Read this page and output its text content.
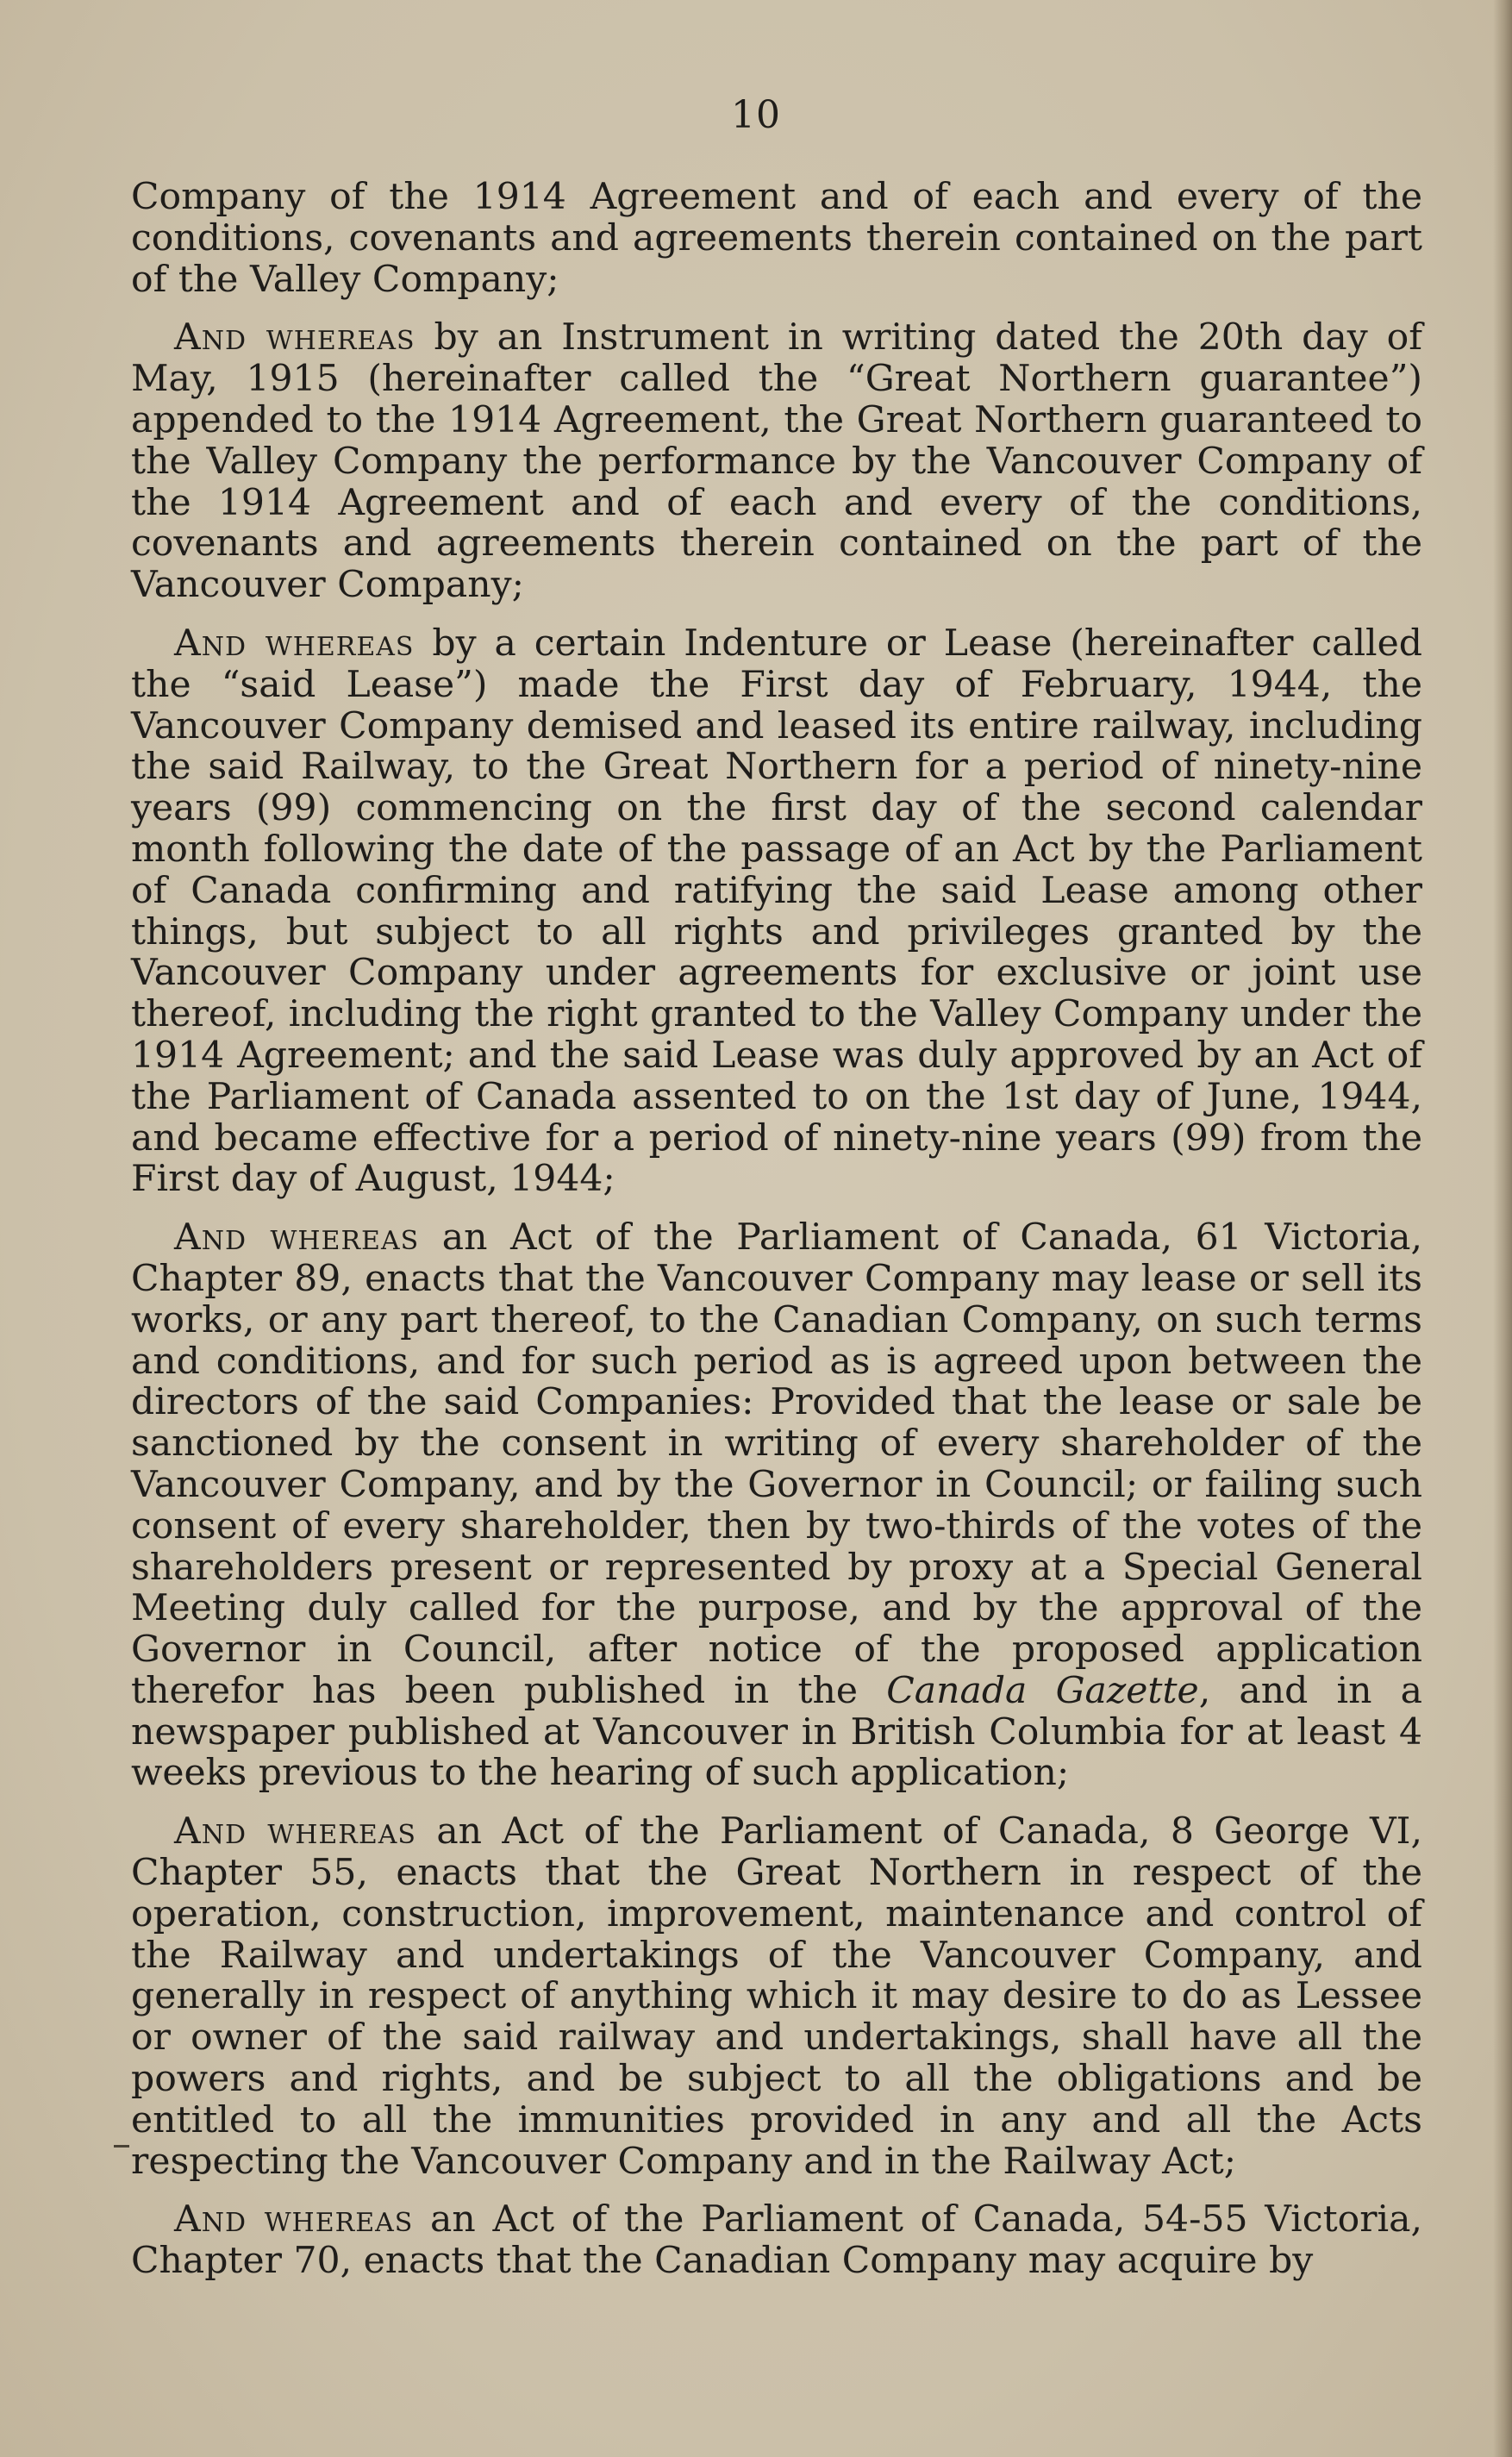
10

Company of the 1914 Agreement and of each and every of the conditions, covenants and agreements therein contained on the part of the Valley Company;

And whereas by an Instrument in writing dated the 20th day of May, 1915 (hereinafter called the “Great Northern guarantee”) appended to the 1914 Agreement, the Great Northern guaranteed to the Valley Company the performance by the Vancouver Company of the 1914 Agreement and of each and every of the conditions, covenants and agreements therein contained on the part of the Vancouver Company;

And whereas by a certain Indenture or Lease (hereinafter called the “said Lease”) made the First day of February, 1944, the Vancouver Company demised and leased its entire railway, including the said Railway, to the Great Northern for a period of ninety-nine years (99) commencing on the first day of the second calendar month following the date of the passage of an Act by the Parliament of Canada confirming and ratifying the said Lease among other things, but subject to all rights and privileges granted by the Vancouver Company under agreements for exclusive or joint use thereof, including the right granted to the Valley Company under the 1914 Agreement; and the said Lease was duly approved by an Act of the Parliament of Canada assented to on the 1st day of June, 1944, and became effective for a period of ninety-nine years (99) from the First day of August, 1944;

And whereas an Act of the Parliament of Canada, 61 Victoria, Chapter 89, enacts that the Vancouver Company may lease or sell its works, or any part thereof, to the Canadian Company, on such terms and conditions, and for such period as is agreed upon between the directors of the said Companies: Provided that the lease or sale be sanctioned by the consent in writing of every shareholder of the Vancouver Company, and by the Governor in Council; or failing such consent of every shareholder, then by two-thirds of the votes of the shareholders present or represented by proxy at a Special General Meeting duly called for the purpose, and by the approval of the Governor in Council, after notice of the proposed application therefor has been published in the Canada Gazette, and in a newspaper published at Vancouver in British Columbia for at least 4 weeks previous to the hearing of such application;

And whereas an Act of the Parliament of Canada, 8 George VI, Chapter 55, enacts that the Great Northern in respect of the operation, construction, improvement, maintenance and control of the Railway and undertakings of the Vancouver Company, and generally in respect of anything which it may desire to do as Lessee or owner of the said railway and undertakings, shall have all the powers and rights, and be subject to all the obligations and be entitled to all the immunities provided in any and all the Acts respecting the Vancouver Company and in the Railway Act;

And whereas an Act of the Parliament of Canada, 54-55 Victoria, Chapter 70, enacts that the Canadian Company may acquire by
